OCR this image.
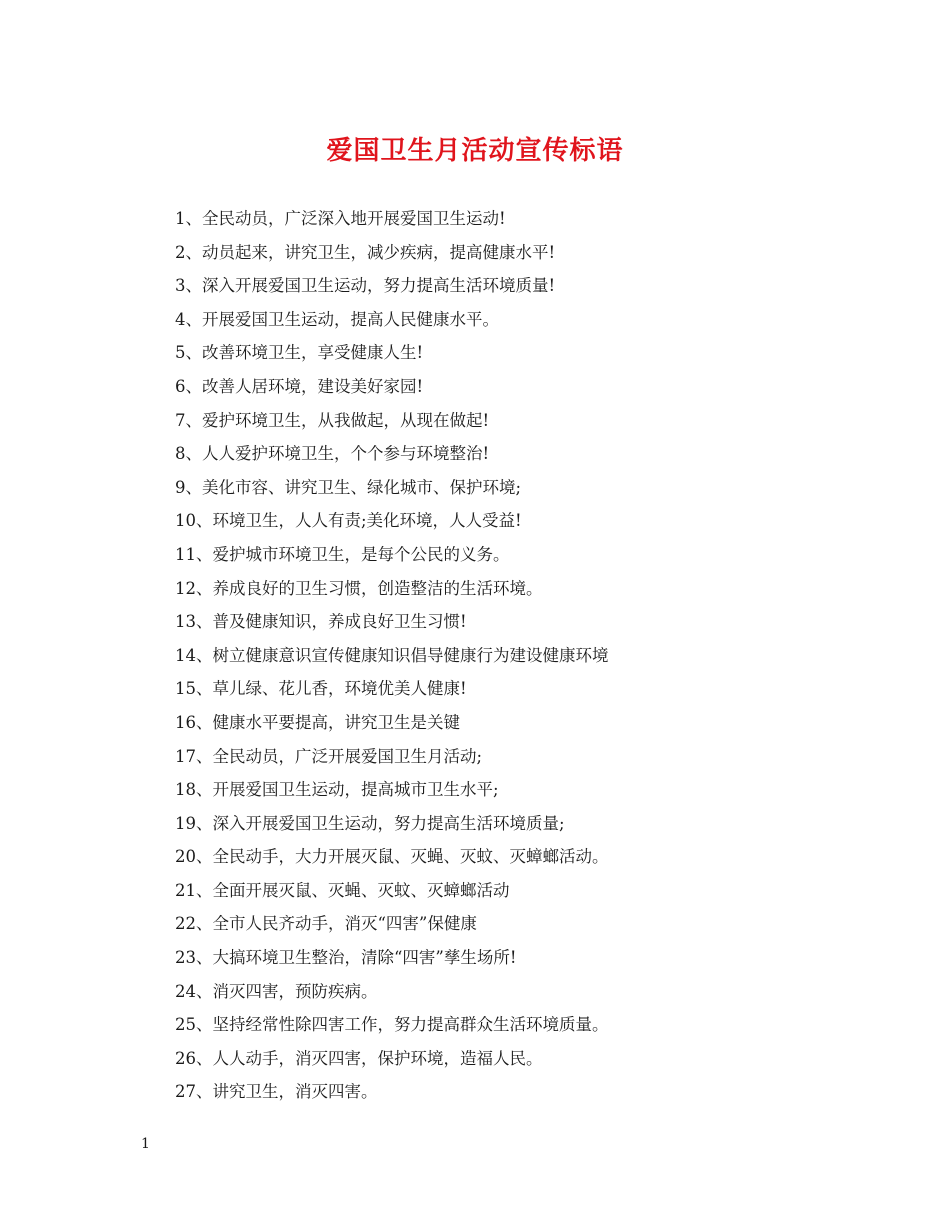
爱国卫生月活动宣传标语
1、全民动员，广泛深入地开展爱国卫生运动!
2、动员起来，讲究卫生，减少疾病，提高健康水平!
3、深入开展爱国卫生运动，努力提高生活环境质量!
4、开展爱国卫生运动，提高人民健康水平。
5、改善环境卫生，享受健康人生!
6、改善人居环境，建设美好家园!
7、爱护环境卫生，从我做起，从现在做起!
8、人人爱护环境卫生，个个参与环境整治!
9、美化市容、讲究卫生、绿化城市、保护环境;
10、环境卫生，人人有责;美化环境，人人受益!
11、爱护城市环境卫生，是每个公民的义务。
12、养成良好的卫生习惯，创造整洁的生活环境。
13、普及健康知识，养成良好卫生习惯!
14、树立健康意识宣传健康知识倡导健康行为建设健康环境
15、草儿绿、花儿香，环境优美人健康!
16、健康水平要提高，讲究卫生是关键
17、全民动员，广泛开展爱国卫生月活动;
18、开展爱国卫生运动，提高城市卫生水平;
19、深入开展爱国卫生运动，努力提高生活环境质量;
20、全民动手，大力开展灭鼠、灭蝇、灭蚊、灭蟑螂活动。
21、全面开展灭鼠、灭蝇、灭蚊、灭蟑螂活动
22、全市人民齐动手，消灭“四害”保健康
23、大搞环境卫生整治，清除“四害”孳生场所!
24、消灭四害，预防疾病。
25、坚持经常性除四害工作，努力提高群众生活环境质量。
26、人人动手，消灭四害，保护环境，造福人民。
27、讲究卫生，消灭四害。
1
